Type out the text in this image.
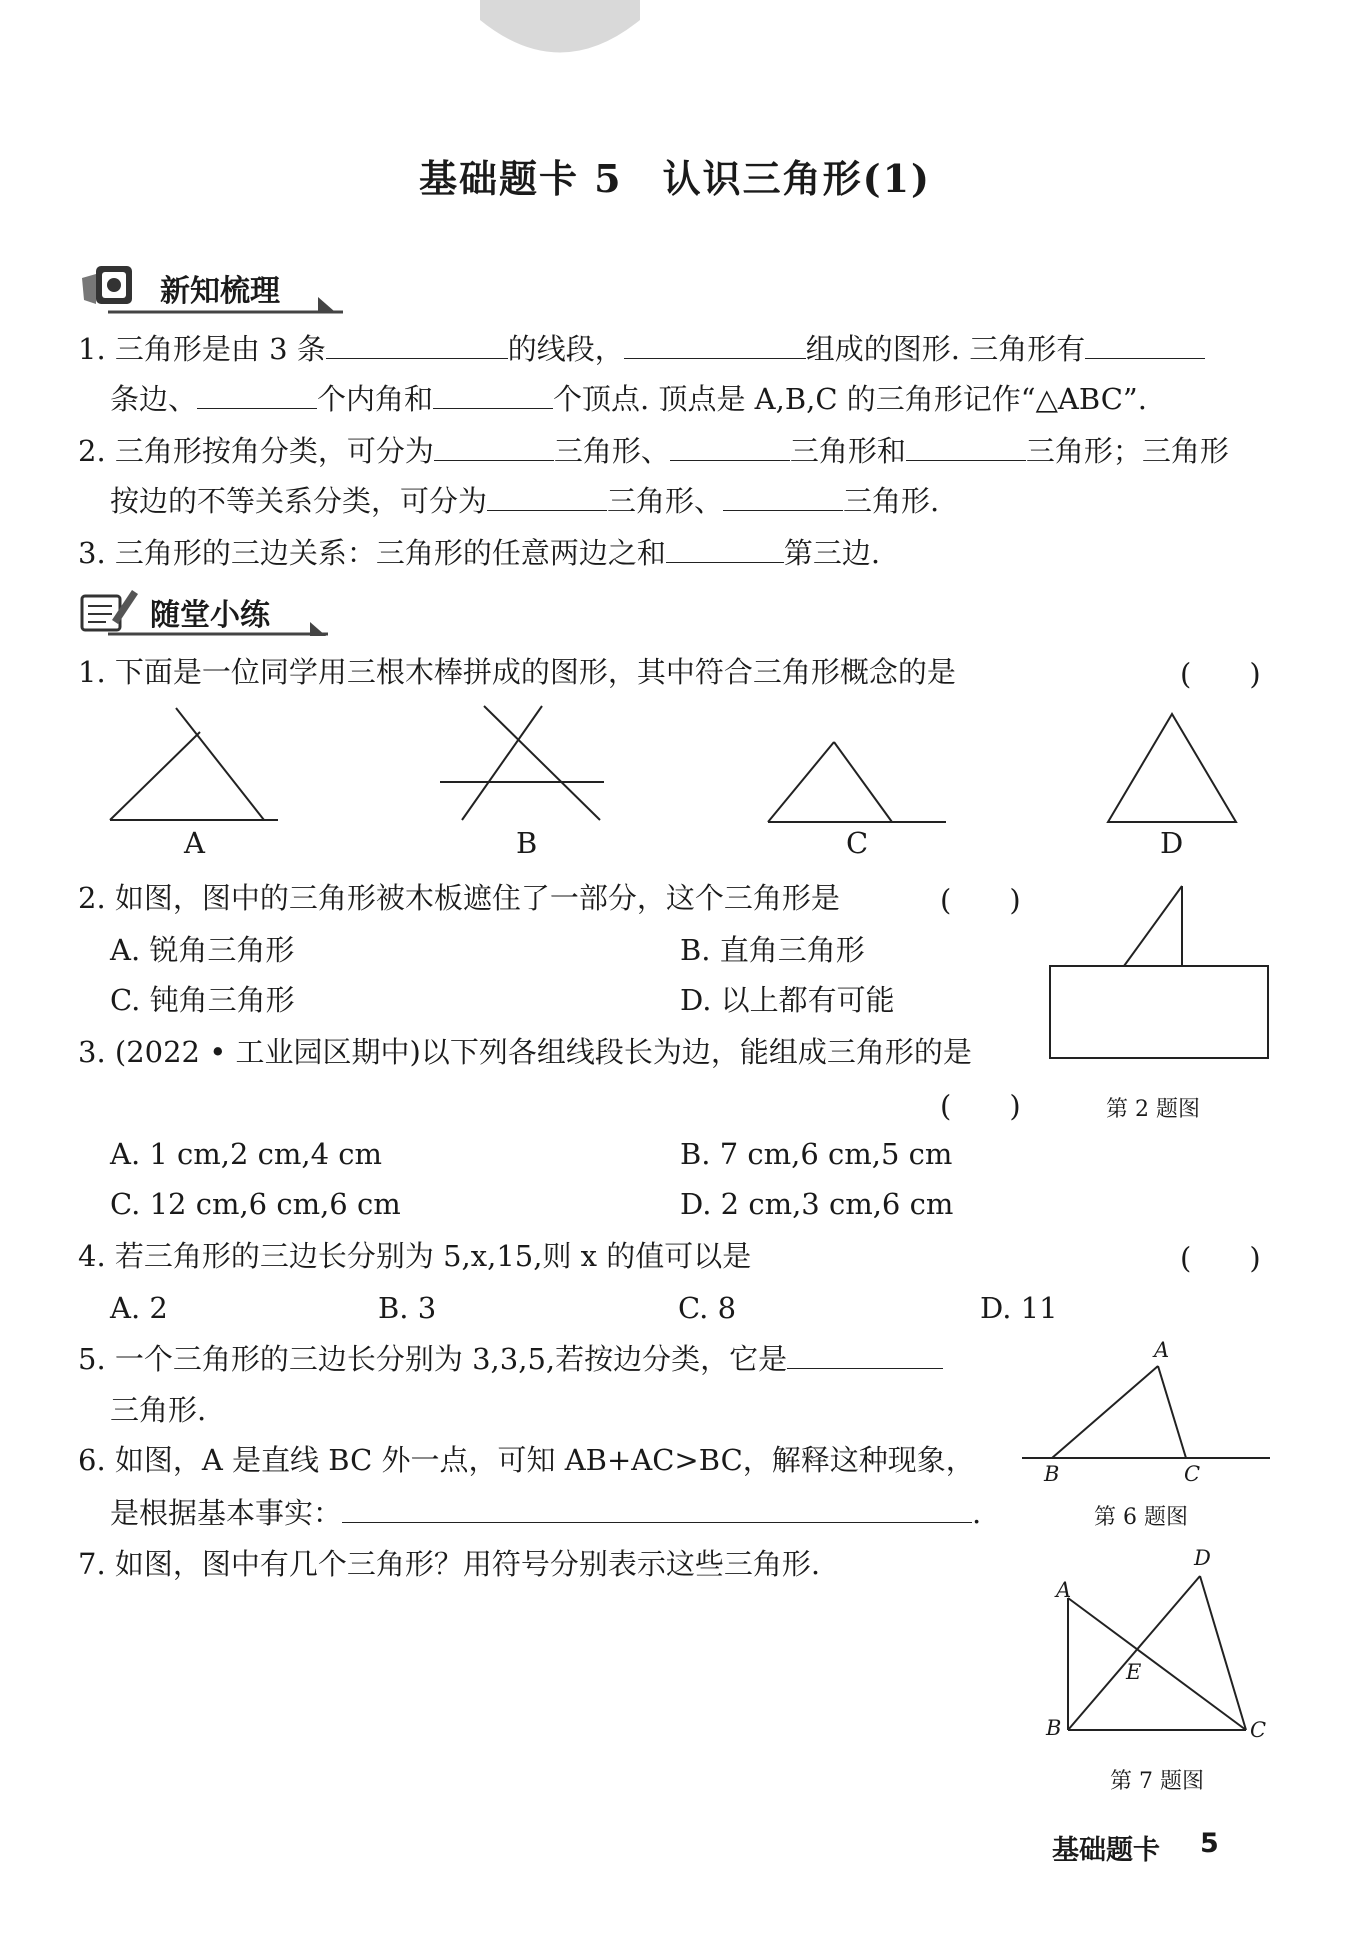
基础题卡 5　认识三角形(1)
新知梳理
1. 三角形是由 3 条	的线段，	组成的图形. 三角形有
条边、	个内角和	个顶点. 顶点是 A,B,C 的三角形记作“△ABC”.
2. 三角形按角分类，可分为	三角形、	三角形和	三角形；三角形
按边的不等关系分类，可分为	三角形、	三角形.
3. 三角形的三边关系：三角形的任意两边之和	第三边.
随堂小练
1. 下面是一位同学用三根木棒拼成的图形，其中符合三角形概念的是	(　　)
A	B	C	D
2. 如图，图中的三角形被木板遮住了一部分，这个三角形是	(　　)
A. 锐角三角形	B. 直角三角形
C. 钝角三角形	D. 以上都有可能
第 2 题图
3. (2022 • 工业园区期中)以下列各组线段长为边，能组成三角形的是
(　　)
A. 1 cm,2 cm,4 cm	B. 7 cm,6 cm,5 cm
C. 12 cm,6 cm,6 cm	D. 2 cm,3 cm,6 cm
4. 若三角形的三边长分别为 5,x,15,则 x 的值可以是	(　　)
A. 2	B. 3	C. 8	D. 11
5. 一个三角形的三边长分别为 3,3,5,若按边分类，它是
三角形.
A
B	C
第 6 题图
6. 如图，A 是直线 BC 外一点，可知 AB+AC>BC，解释这种现象，
是根据基本事实：	.
7. 如图，图中有几个三角形？用符号分别表示这些三角形.
A
D
E
B	C
第 7 题图
基础题卡 5
